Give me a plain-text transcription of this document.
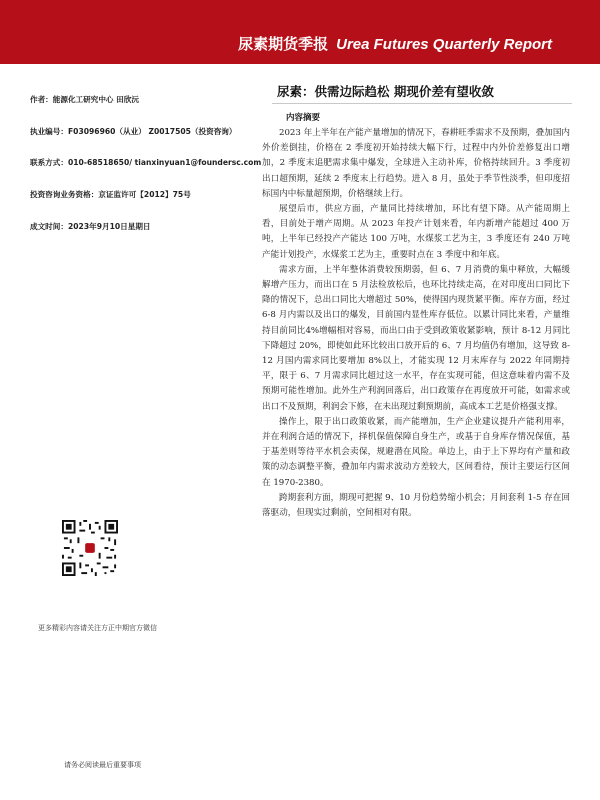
尿素期货季报 Urea Futures Quarterly Report
作者：能源化工研究中心 田欣沅
执业编号：F03096960（从业） Z0017505（投资咨询）
联系方式：010-68518650/ tianxinyuan1@foundersc.com
投资咨询业务资格：京证监许可【2012】75号
成文时间：2023年9月10日星期日
更多精彩内容请关注方正中期官方微信
请务必阅读最后重要事项
尿素：供需边际趋松 期现价差有望收敛
内容摘要

2023 年上半年在产能产量增加的情况下，春耕旺季需求不及预期，叠加国内外价差倒挂，价格在 2 季度初开始持续大幅下行，过程中内外价差修复出口增加，2 季度末追肥需求集中爆发，全球进入主动补库，价格持续回升。3 季度初出口超预期，延续 2 季度末上行趋势。进入 8 月，虽处于季节性淡季，但印度招标国内中标量超预期，价格继续上行。

展望后市，供应方面，产量同比持续增加，环比有望下降。从产能周期上看，目前处于增产周期。从 2023 年投产计划来看，年内新增产能超过 400 万吨，上半年已经投产产能达 100 万吨，水煤浆工艺为主，3 季度还有 240 万吨产能计划投产，水煤浆工艺为主，重要时点在 3 季度中和年底。

需求方面，上半年整体消费较预期弱，但 6、7 月消费的集中释放，大幅缓解增产压力，而出口在 5 月法检放松后，也环比持续走高，在对印度出口同比下降的情况下，总出口同比大增超过 50%，使得国内现货紧平衡。库存方面，经过 6-8 月内需以及出口的爆发，目前国内显性库存低位。以累计同比来看，产量维持目前同比4%增幅相对容易，而出口由于受到政策收紧影响，预计 8-12 月同比下降超过 20%，即使如此环比较出口放开后的 6、7 月均值仍有增加，这导致 8-12 月国内需求同比要增加 8%以上，才能实现 12 月末库存与 2022 年同期持平，限于 6、7 月需求同比超过这一水平，存在实现可能，但这意味着内需不及预期可能性增加。此外生产利润回落后，出口政策存在再度放开可能，如需求或出口不及预期，利润会下修，在未出现过剩预期前，高成本工艺是价格强支撑。

操作上，限于出口政策收紧，而产能增加，生产企业建议提升产能利用率，并在利润合适的情况下，择机保值保障自身生产，或基于自身库存情况保值，基于基差则等待平水机会卖保，规避潜在风险。单边上，由于上下界均有产量和政策的动态调整平衡，叠加年内需求波动方差较大，区间看待，预计主要运行区间在 1970-2380。

跨期套利方面，期现可把握 9、10 月份趋势缩小机会；月间套利 1-5 存在回落驱动，但现实过剩前，空间相对有限。
